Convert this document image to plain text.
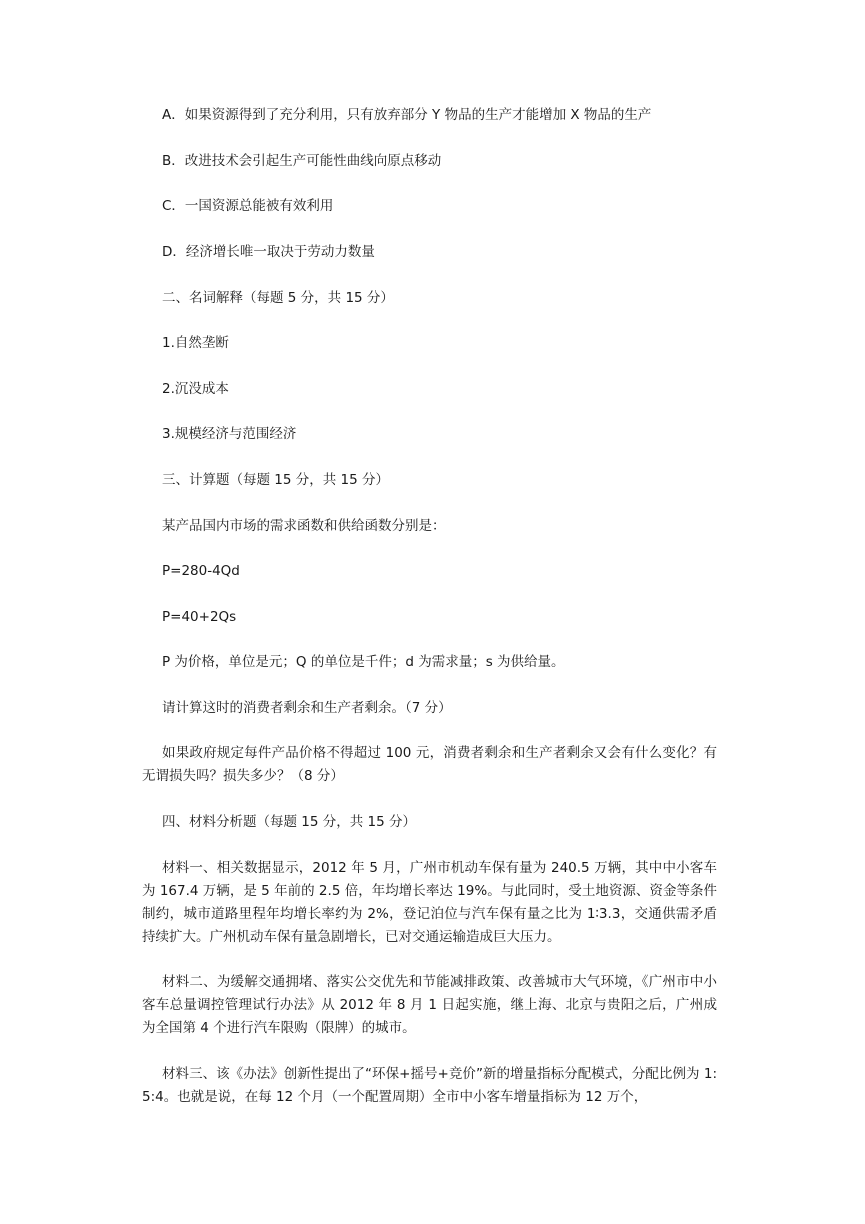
A．如果资源得到了充分利用，只有放弃部分 Y 物品的生产才能增加 X 物品的生产

B．改进技术会引起生产可能性曲线向原点移动

C．一国资源总能被有效利用

D．经济增长唯一取决于劳动力数量

二、名词解释（每题 5 分，共 15 分）

1.自然垄断

2.沉没成本

3.规模经济与范围经济

三、计算题（每题 15 分，共 15 分）

某产品国内市场的需求函数和供给函数分别是：

P=280-4Qd

P=40+2Qs

P 为价格，单位是元；Q 的单位是千件；d 为需求量；s 为供给量。

请计算这时的消费者剩余和生产者剩余。（7 分）

如果政府规定每件产品价格不得超过 100 元，消费者剩余和生产者剩余又会有什么变化？有无谓损失吗？损失多少？（8 分）

四、材料分析题（每题 15 分，共 15 分）

材料一、相关数据显示，2012 年 5 月，广州市机动车保有量为 240.5 万辆，其中中小客车为 167.4 万辆，是 5 年前的 2.5 倍，年均增长率达 19%。与此同时，受土地资源、资金等条件制约，城市道路里程年均增长率约为 2%，登记泊位与汽车保有量之比为 1∶3.3，交通供需矛盾持续扩大。广州机动车保有量急剧增长，已对交通运输造成巨大压力。

材料二、为缓解交通拥堵、落实公交优先和节能减排政策、改善城市大气环境，《广州市中小客车总量调控管理试行办法》从 2012 年 8 月 1 日起实施，继上海、北京与贵阳之后，广州成为全国第 4 个进行汽车限购（限牌）的城市。

材料三、该《办法》创新性提出了“环保+摇号+竞价”新的增量指标分配模式，分配比例为 1:5:4。也就是说，在每 12 个月（一个配置周期）全市中小客车增量指标为 12 万个，
